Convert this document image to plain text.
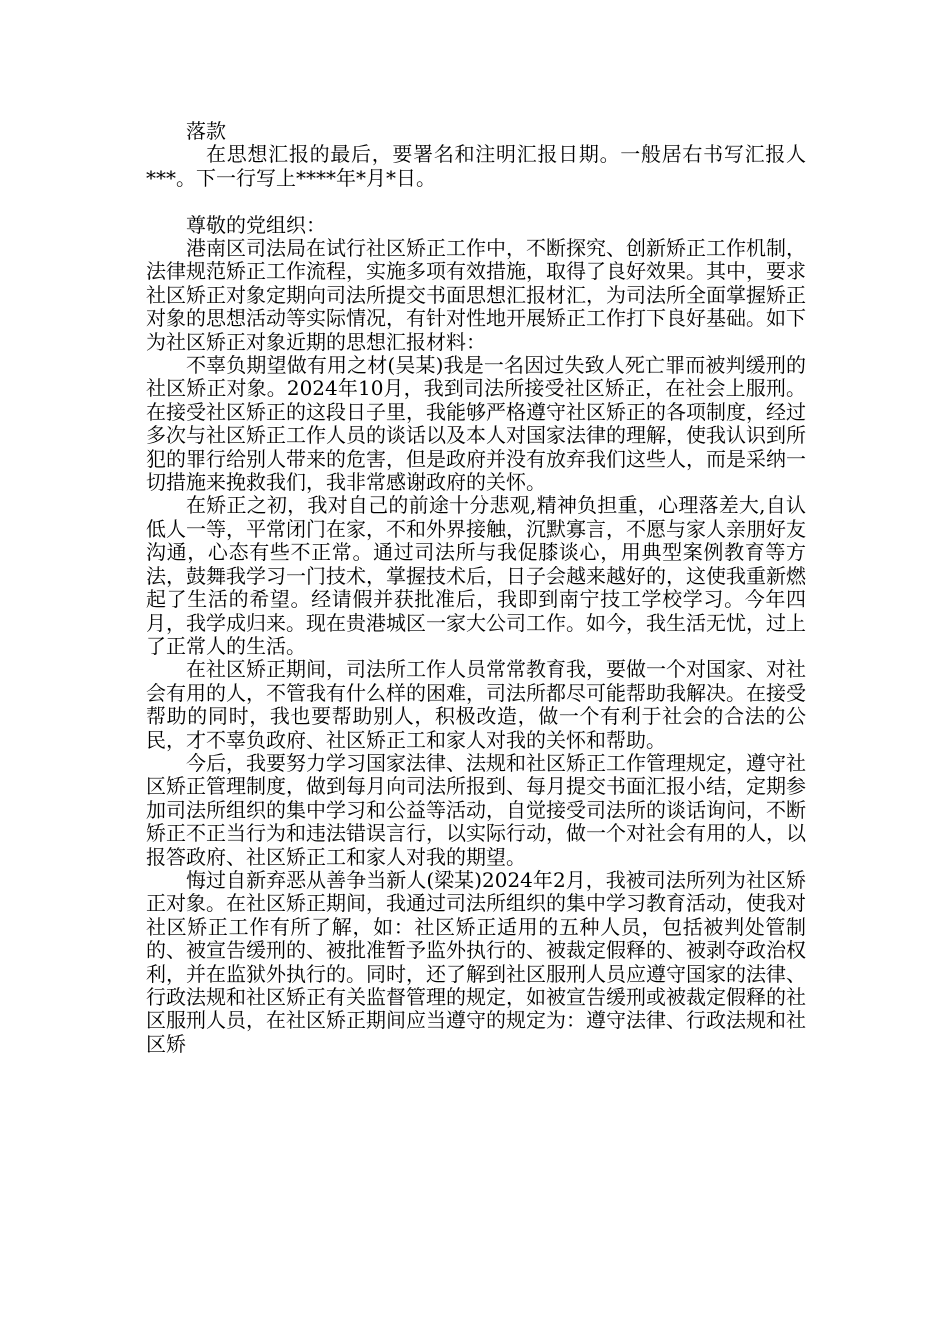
落款

在思想汇报的最后，要署名和注明汇报日期。一般居右书写汇报人***。下一行写上****年*月*日。

尊敬的党组织：

港南区司法局在试行社区矫正工作中，不断探究、创新矫正工作机制，法律规范矫正工作流程，实施多项有效措施，取得了良好效果。其中，要求社区矫正对象定期向司法所提交书面思想汇报材汇，为司法所全面掌握矫正对象的思想活动等实际情况，有针对性地开展矫正工作打下良好基础。如下为社区矫正对象近期的思想汇报材料：

不辜负期望做有用之材(吴某)我是一名因过失致人死亡罪而被判缓刑的社区矫正对象。2024年10月，我到司法所接受社区矫正，在社会上服刑。在接受社区矫正的这段日子里，我能够严格遵守社区矫正的各项制度，经过多次与社区矫正工作人员的谈话以及本人对国家法律的理解，使我认识到所犯的罪行给别人带来的危害，但是政府并没有放弃我们这些人，而是采纳一切措施来挽救我们，我非常感谢政府的关怀。

在矫正之初，我对自己的前途十分悲观,精神负担重，心理落差大,自认低人一等，平常闭门在家，不和外界接触，沉默寡言，不愿与家人亲朋好友沟通，心态有些不正常。通过司法所与我促膝谈心，用典型案例教育等方法，鼓舞我学习一门技术，掌握技术后，日子会越来越好的，这使我重新燃起了生活的希望。经请假并获批准后，我即到南宁技工学校学习。今年四月，我学成归来。现在贵港城区一家大公司工作。如今，我生活无忧，过上了正常人的生活。

在社区矫正期间，司法所工作人员常常教育我，要做一个对国家、对社会有用的人，不管我有什么样的困难，司法所都尽可能帮助我解决。在接受帮助的同时，我也要帮助别人，积极改造，做一个有利于社会的合法的公民，才不辜负政府、社区矫正工和家人对我的关怀和帮助。

今后，我要努力学习国家法律、法规和社区矫正工作管理规定，遵守社区矫正管理制度，做到每月向司法所报到、每月提交书面汇报小结，定期参加司法所组织的集中学习和公益等活动，自觉接受司法所的谈话询问，不断矫正不正当行为和违法错误言行，以实际行动，做一个对社会有用的人，以报答政府、社区矫正工和家人对我的期望。

悔过自新弃恶从善争当新人(梁某)2024年2月，我被司法所列为社区矫正对象。在社区矫正期间，我通过司法所组织的集中学习教育活动，使我对社区矫正工作有所了解，如：社区矫正适用的五种人员，包括被判处管制的、被宣告缓刑的、被批准暂予监外执行的、被裁定假释的、被剥夺政治权利，并在监狱外执行的。同时，还了解到社区服刑人员应遵守国家的法律、行政法规和社区矫正有关监督管理的规定，如被宣告缓刑或被裁定假释的社区服刑人员，在社区矫正期间应当遵守的规定为：遵守法律、行政法规和社区矫
